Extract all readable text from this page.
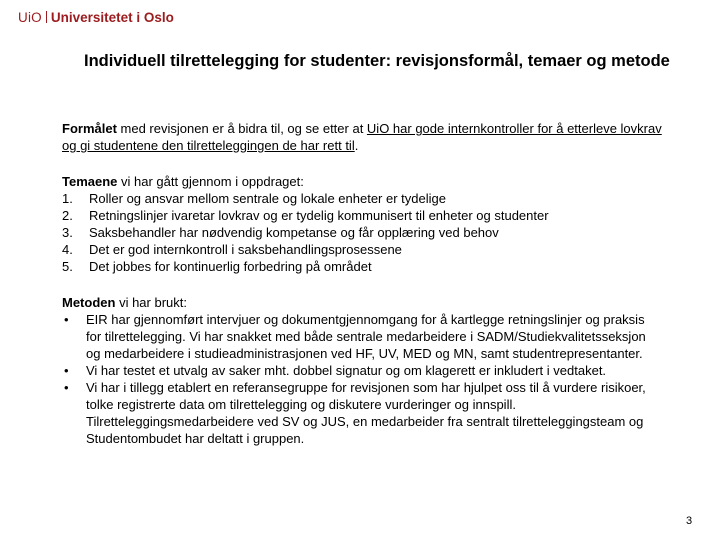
UiO Universitetet i Oslo
Individuell tilrettelegging for studenter: revisjonsformål, temaer og metode

Formålet med revisjonen er å bidra til, og se etter at UiO har gode internkontroller for å etterleve lovkrav og gi studentene den tilretteleggingen de har rett til.

Temaene vi har gått gjennom i oppdraget:
1.	Roller og ansvar mellom sentrale og lokale enheter er tydelige
2.	Retningslinjer ivaretar lovkrav og er tydelig kommunisert til enheter og studenter
3.	Saksbehandler har nødvendig kompetanse og får opplæring ved behov
4.	Det er god internkontroll i saksbehandlingsprosessene
5.	Det jobbes for kontinuerlig forbedring på området
Metoden vi har brukt:
•	EIR har gjennomført intervjuer og dokumentgjennomgang for å kartlegge retningslinjer og praksis for tilrettelegging. Vi har snakket med både sentrale medarbeidere i SADM/Studiekvalitetsseksjon og medarbeidere i studieadministrasjonen ved HF, UV, MED og MN, samt studentrepresentanter.
•	Vi har testet et utvalg av saker mht. dobbel signatur og om klagerett er inkludert i vedtaket.
•	Vi har i tillegg etablert en referansegruppe for revisjonen som har hjulpet oss til å vurdere risikoer, tolke registrerte data om tilrettelegging og diskutere vurderinger og innspill. Tilretteleggingsmedarbeidere ved SV og JUS, en medarbeider fra sentralt tilretteleggingsteam og Studentombudet har deltatt i gruppen.
3
